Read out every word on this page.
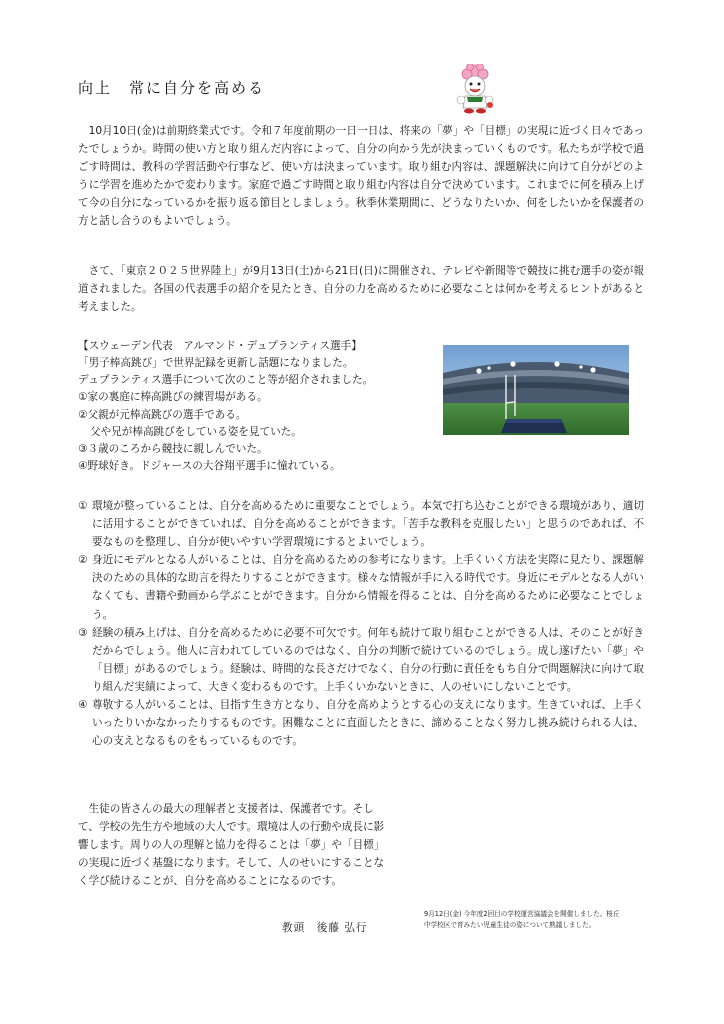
向上　常に自分を高める

　10月10日(金)は前期終業式です。令和７年度前期の一日一日は、将来の「夢」や「目標」の実現に近づく日々であったでしょうか。時間の使い方と取り組んだ内容によって、自分の向かう先が決まっていくものです。私たちが学校で過ごす時間は、教科の学習活動や行事など、使い方は決まっています。取り組む内容は、課題解決に向けて自分がどのように学習を進めたかで変わります。家庭で過ごす時間と取り組む内容は自分で決めています。これまでに何を積み上げて今の自分になっているかを振り返る節目としましょう。秋季休業期間に、どうなりたいか、何をしたいかを保護者の方と話し合うのもよいでしょう。

　さて、「東京２０２５世界陸上」が9月13日(土)から21日(日)に開催され、テレビや新聞等で競技に挑む選手の姿が報道されました。各国の代表選手の紹介を見たとき、自分の力を高めるために必要なことは何かを考えるヒントがあると考えました。

【スウェーデン代表　アルマンド・デュプランティス選手】
「男子棒高跳び」で世界記録を更新し話題になりました。
デュプランティス選手について次のこと等が紹介されました。
①家の裏庭に棒高跳びの練習場がある。
②父親が元棒高跳びの選手である。
父や兄が棒高跳びをしている姿を見ていた。
③３歳のころから競技に親しんでいた。
④野球好き。ドジャースの大谷翔平選手に憧れている。
① 環境が整っていることは、自分を高めるために重要なことでしょう。本気で打ち込むことができる環境があり、適切に活用することができていれば、自分を高めることができます。「苦手な教科を克服したい」と思うのであれば、不要なものを整理し、自分が使いやすい学習環境にするとよいでしょう。
② 身近にモデルとなる人がいることは、自分を高めるための参考になります。上手くいく方法を実際に見たり、課題解決のための具体的な助言を得たりすることができます。様々な情報が手に入る時代です。身近にモデルとなる人がいなくても、書籍や動画から学ぶことができます。自分から情報を得ることは、自分を高めるために必要なことでしょう。
③ 経験の積み上げは、自分を高めるために必要不可欠です。何年も続けて取り組むことができる人は、そのことが好きだからでしょう。他人に言われてしているのではなく、自分の判断で続けているのでしょう。成し遂げたい「夢」や「目標」があるのでしょう。経験は、時間的な長さだけでなく、自分の行動に責任をもち自分で問題解決に向けて取り組んだ実績によって、大きく変わるものです。上手くいかないときに、人のせいにしないことです。
④ 尊敬する人がいることは、目指す生き方となり、自分を高めようとする心の支えになります。生きていれば、上手くいったりいかなかったりするものです。困難なことに直面したときに、諦めることなく努力し挑み続けられる人は、心の支えとなるものをもっているものです。

　生徒の皆さんの最大の理解者と支援者は、保護者です。そして、学校の先生方や地域の大人です。環境は人の行動や成長に影響します。周りの人の理解と協力を得ることは「夢」や「目標」の実現に近づく基盤になります。そして、人のせいにすることなく学び続けることが、自分を高めることになるのです。

教頭　後藤 弘行
9月12日(金) 今年度2回目の学校運営協議会を開催しました。桜丘中学校区で育みたい児童生徒の姿について熟議しました。
